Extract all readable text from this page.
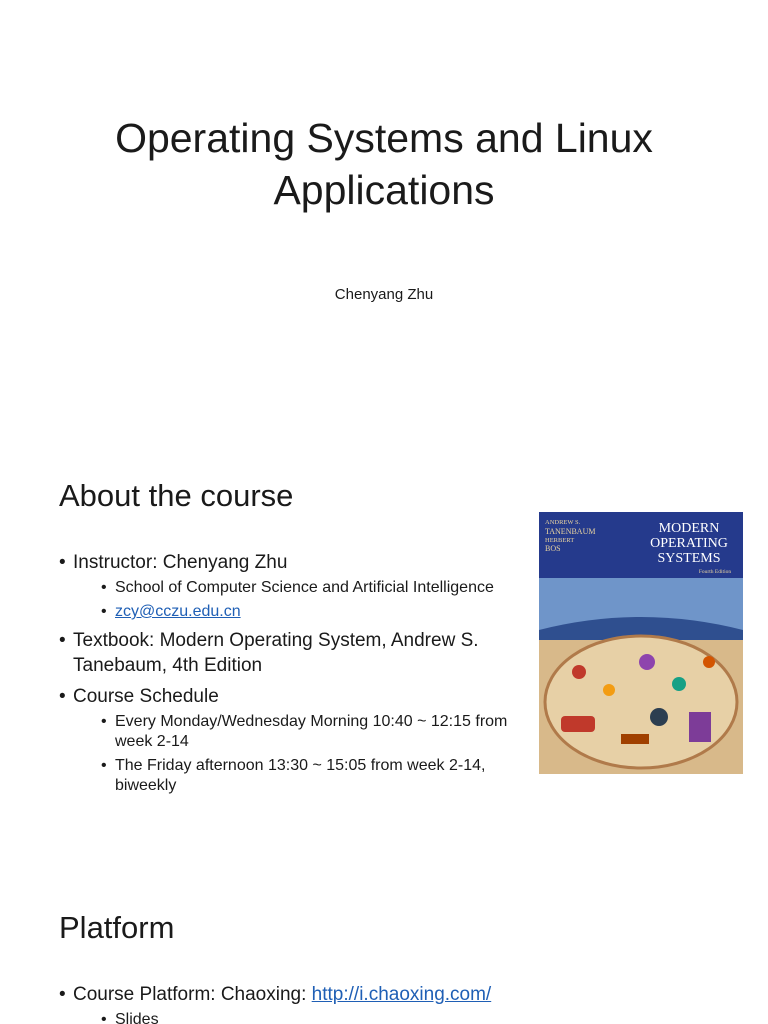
Operating Systems and Linux Applications

Chenyang Zhu

About the course
• Instructor: Chenyang Zhu
• School of Computer Science and Artificial Intelligence
• zcy@cczu.edu.cn
• Textbook: Modern Operating System, Andrew S. Tanebaum, 4th Edition
• Course Schedule
• Every Monday/Wednesday Morning 10:40 ~ 12:15 from week 2-14
• The Friday afternoon 13:30 ~ 15:05 from week 2-14, biweekly
ANDREW S.
TANENBAUM
HERBERT
BOS
MODERN
OPERATING
SYSTEMS
Fourth Edition
Platform
• Course Platform: Chaoxing: http://i.chaoxing.com/
• Slides
